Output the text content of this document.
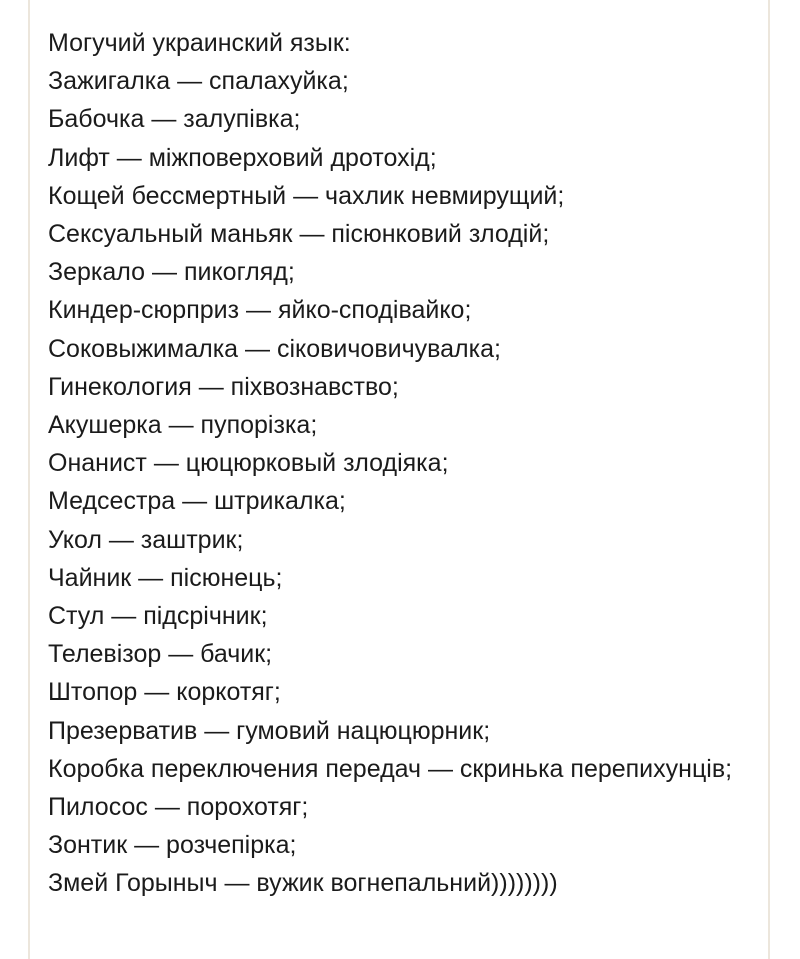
Могучий украинский язык:

Зажигалка — спалахуйка;

Бабочка — залупівка;

Лифт — міжповерховий дротохід;

Кощей бессмертный — чахлик невмирущий;

Сексуальный маньяк — пісюнковий злодій;

Зеркало — пикогляд;

Киндер-сюрприз — яйко-сподівайко;

Соковыжималка — сіковичовичувалка;

Гинекология — піхвознавство;

Акушерка — пупорізка;

Онанист — цюцюрковый злодіяка;

Медсестра — штрикалка;

Укол — заштрик;

Чайник — пісюнець;

Стул — підсрічник;

Телевізор — бачик;

Штопор — коркотяг;

Презерватив — гумовий нацюцюрник;

Коробка переключения передач — скринька перепихунців;

Пилосос — порохотяг;

Зонтик — розчепірка;

Змей Горыныч — вужик вогнепальний))))))))
